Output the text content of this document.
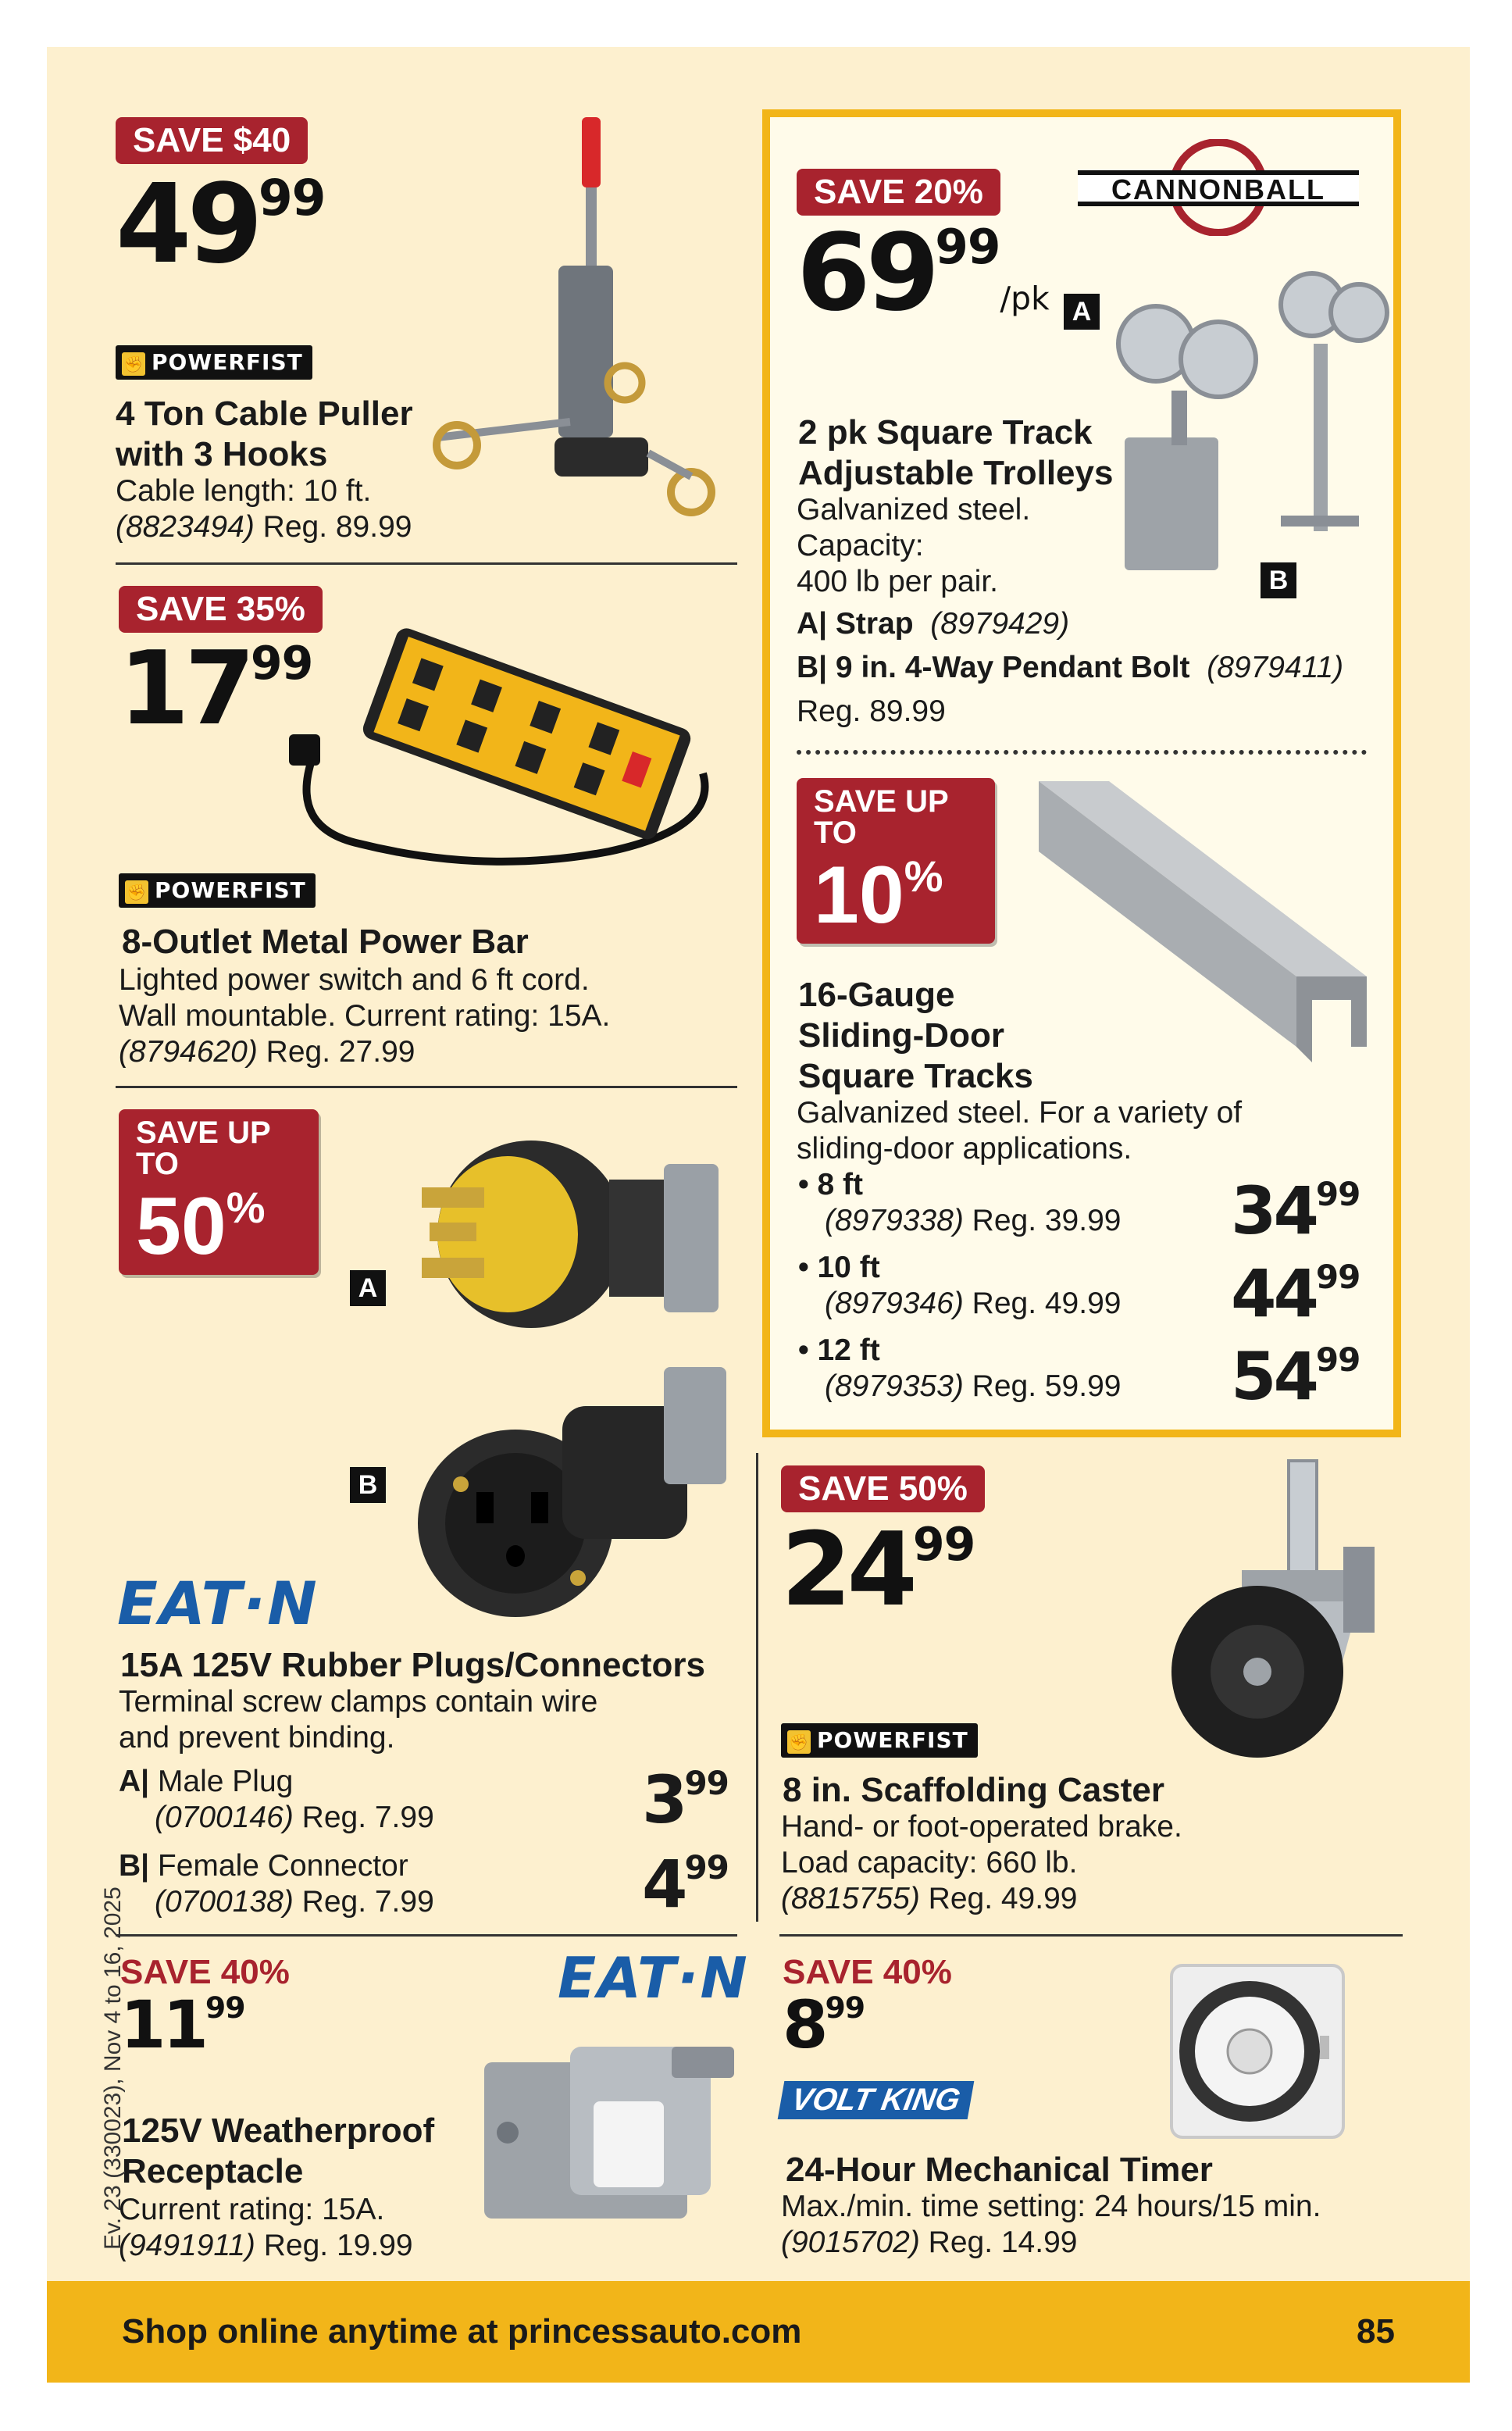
SAVE $40
$49^{99}$
✊ POWERFIST
4 Ton Cable Puller
with 3 Hooks
Cable length: 10 ft.
(8823494) Reg. 89.99
SAVE 35%
$17^{99}$
✊ POWERFIST
8-Outlet Metal Power Bar
Lighted power switch and 6 ft cord.
Wall mountable. Current rating: 15A.
(8794620) Reg. 27.99
SAVE UP TO
50%
A
B
EAT·N
15A 125V Rubber Plugs/Connectors
Terminal screw clamps contain wire
and prevent binding.
A| Male Plug
(0700146) Reg. 7.99	$3^{99}$
B| Female Connector
(0700138) Reg. 7.99	$4^{99}$
SAVE 40%
$11^{99}$	EAT·N
125V Weatherproof
Receptacle
Current rating: 15A.
(9491911) Reg. 19.99
SAVE 20%
$69^{99}/pk$
CANNONBALL
A
B
2 pk Square Track
Adjustable Trolleys
Galvanized steel.
Capacity:
400 lb per pair.
A| Strap (8979429)
B| 9 in. 4-Way Pendant Bolt (8979411)
Reg. 89.99
SAVE UP TO
10%
16-Gauge
Sliding-Door
Square Tracks
Galvanized steel. For a variety of
sliding-door applications.
• 8 ft
(8979338) Reg. 39.99 $34^{99}$
• 10 ft
(8979346) Reg. 49.99 $44^{99}$
• 12 ft
(8979353) Reg. 59.99 $54^{99}$
SAVE 50%
$24^{99}$
✊ POWERFIST
8 in. Scaffolding Caster
Hand- or foot-operated brake.
Load capacity: 660 lb.
(8815755) Reg. 49.99
SAVE 40%
$8^{99}$
VOLT KING
24-Hour Mechanical Timer
Max./min. time setting: 24 hours/15 min.
(9015702) Reg. 14.99
Ev. 23 (330023), Nov 4 to 16, 2025
Shop online anytime at princessauto.com	85
